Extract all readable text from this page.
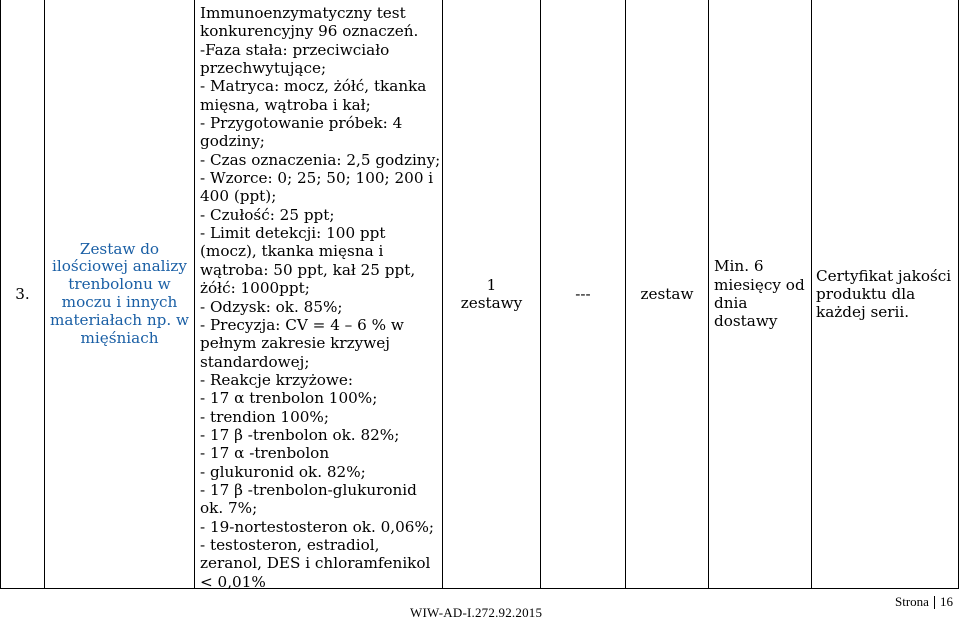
3.
Zestaw do
ilościowej analizy
trenbolonu w
moczu i innych
materiałach np. w
mięśniach
Immunoenzymatyczny test
konkurencyjny 96 oznaczeń.
-Faza stała: przeciwciało
przechwytujące;
- Matryca: mocz, żółć, tkanka
mięsna, wątroba i kał;
- Przygotowanie próbek: 4
godziny;
- Czas oznaczenia: 2,5 godziny;
- Wzorce: 0; 25; 50; 100; 200 i
400 (ppt);
- Czułość: 25 ppt;
- Limit detekcji: 100 ppt
(mocz), tkanka mięsna i
wątroba: 50 ppt, kał 25 ppt,
żółć: 1000ppt;
- Odzysk: ok. 85%;
- Precyzja: CV = 4 – 6 % w
pełnym zakresie krzywej
standardowej;
- Reakcje krzyżowe:
- 17 α trenbolon 100%;
- trendion 100%;
- 17 β -trenbolon ok. 82%;
- 17 α -trenbolon
- glukuronid ok. 82%;
- 17 β -trenbolon-glukuronid
ok. 7%;
- 19-nortestosteron ok. 0,06%;
- testosteron, estradiol,
zeranol, DES i chloramfenikol
< 0,01%
1
zestawy
---	zestaw
Min. 6
miesięcy od
dnia
dostawy
Certyfikat jakości
produktu dla
każdej serii.
Strona 16
WIW-AD-I.272.92.2015
